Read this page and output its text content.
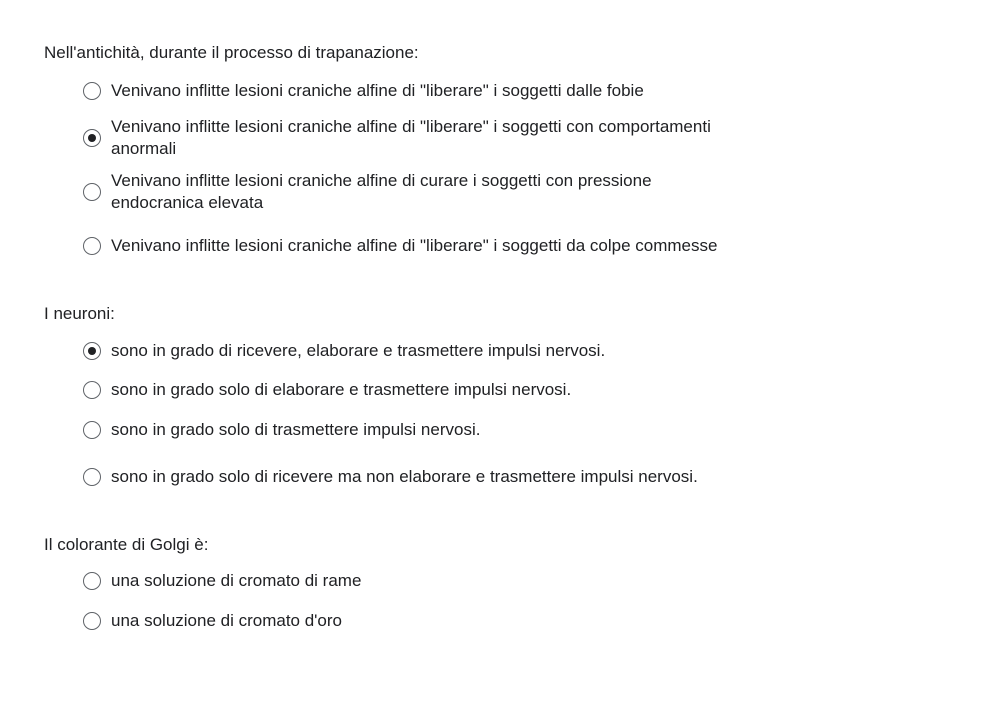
Nell'antichità, durante il processo di trapanazione:

Venivano inflitte lesioni craniche alfine di "liberare" i soggetti dalle fobie
Venivano inflitte lesioni craniche alfine di "liberare" i soggetti con comportamenti anormali
Venivano inflitte lesioni craniche alfine di curare i soggetti con pressione endocranica elevata
Venivano inflitte lesioni craniche alfine di "liberare" i soggetti da colpe commesse

I neuroni:

sono in grado di ricevere, elaborare e trasmettere impulsi nervosi.
sono in grado solo di elaborare e trasmettere impulsi nervosi.
sono in grado solo di trasmettere impulsi nervosi.
sono in grado solo di ricevere ma non elaborare e trasmettere impulsi nervosi.

Il colorante di Golgi è:

una soluzione di cromato di rame
una soluzione di cromato d'oro
